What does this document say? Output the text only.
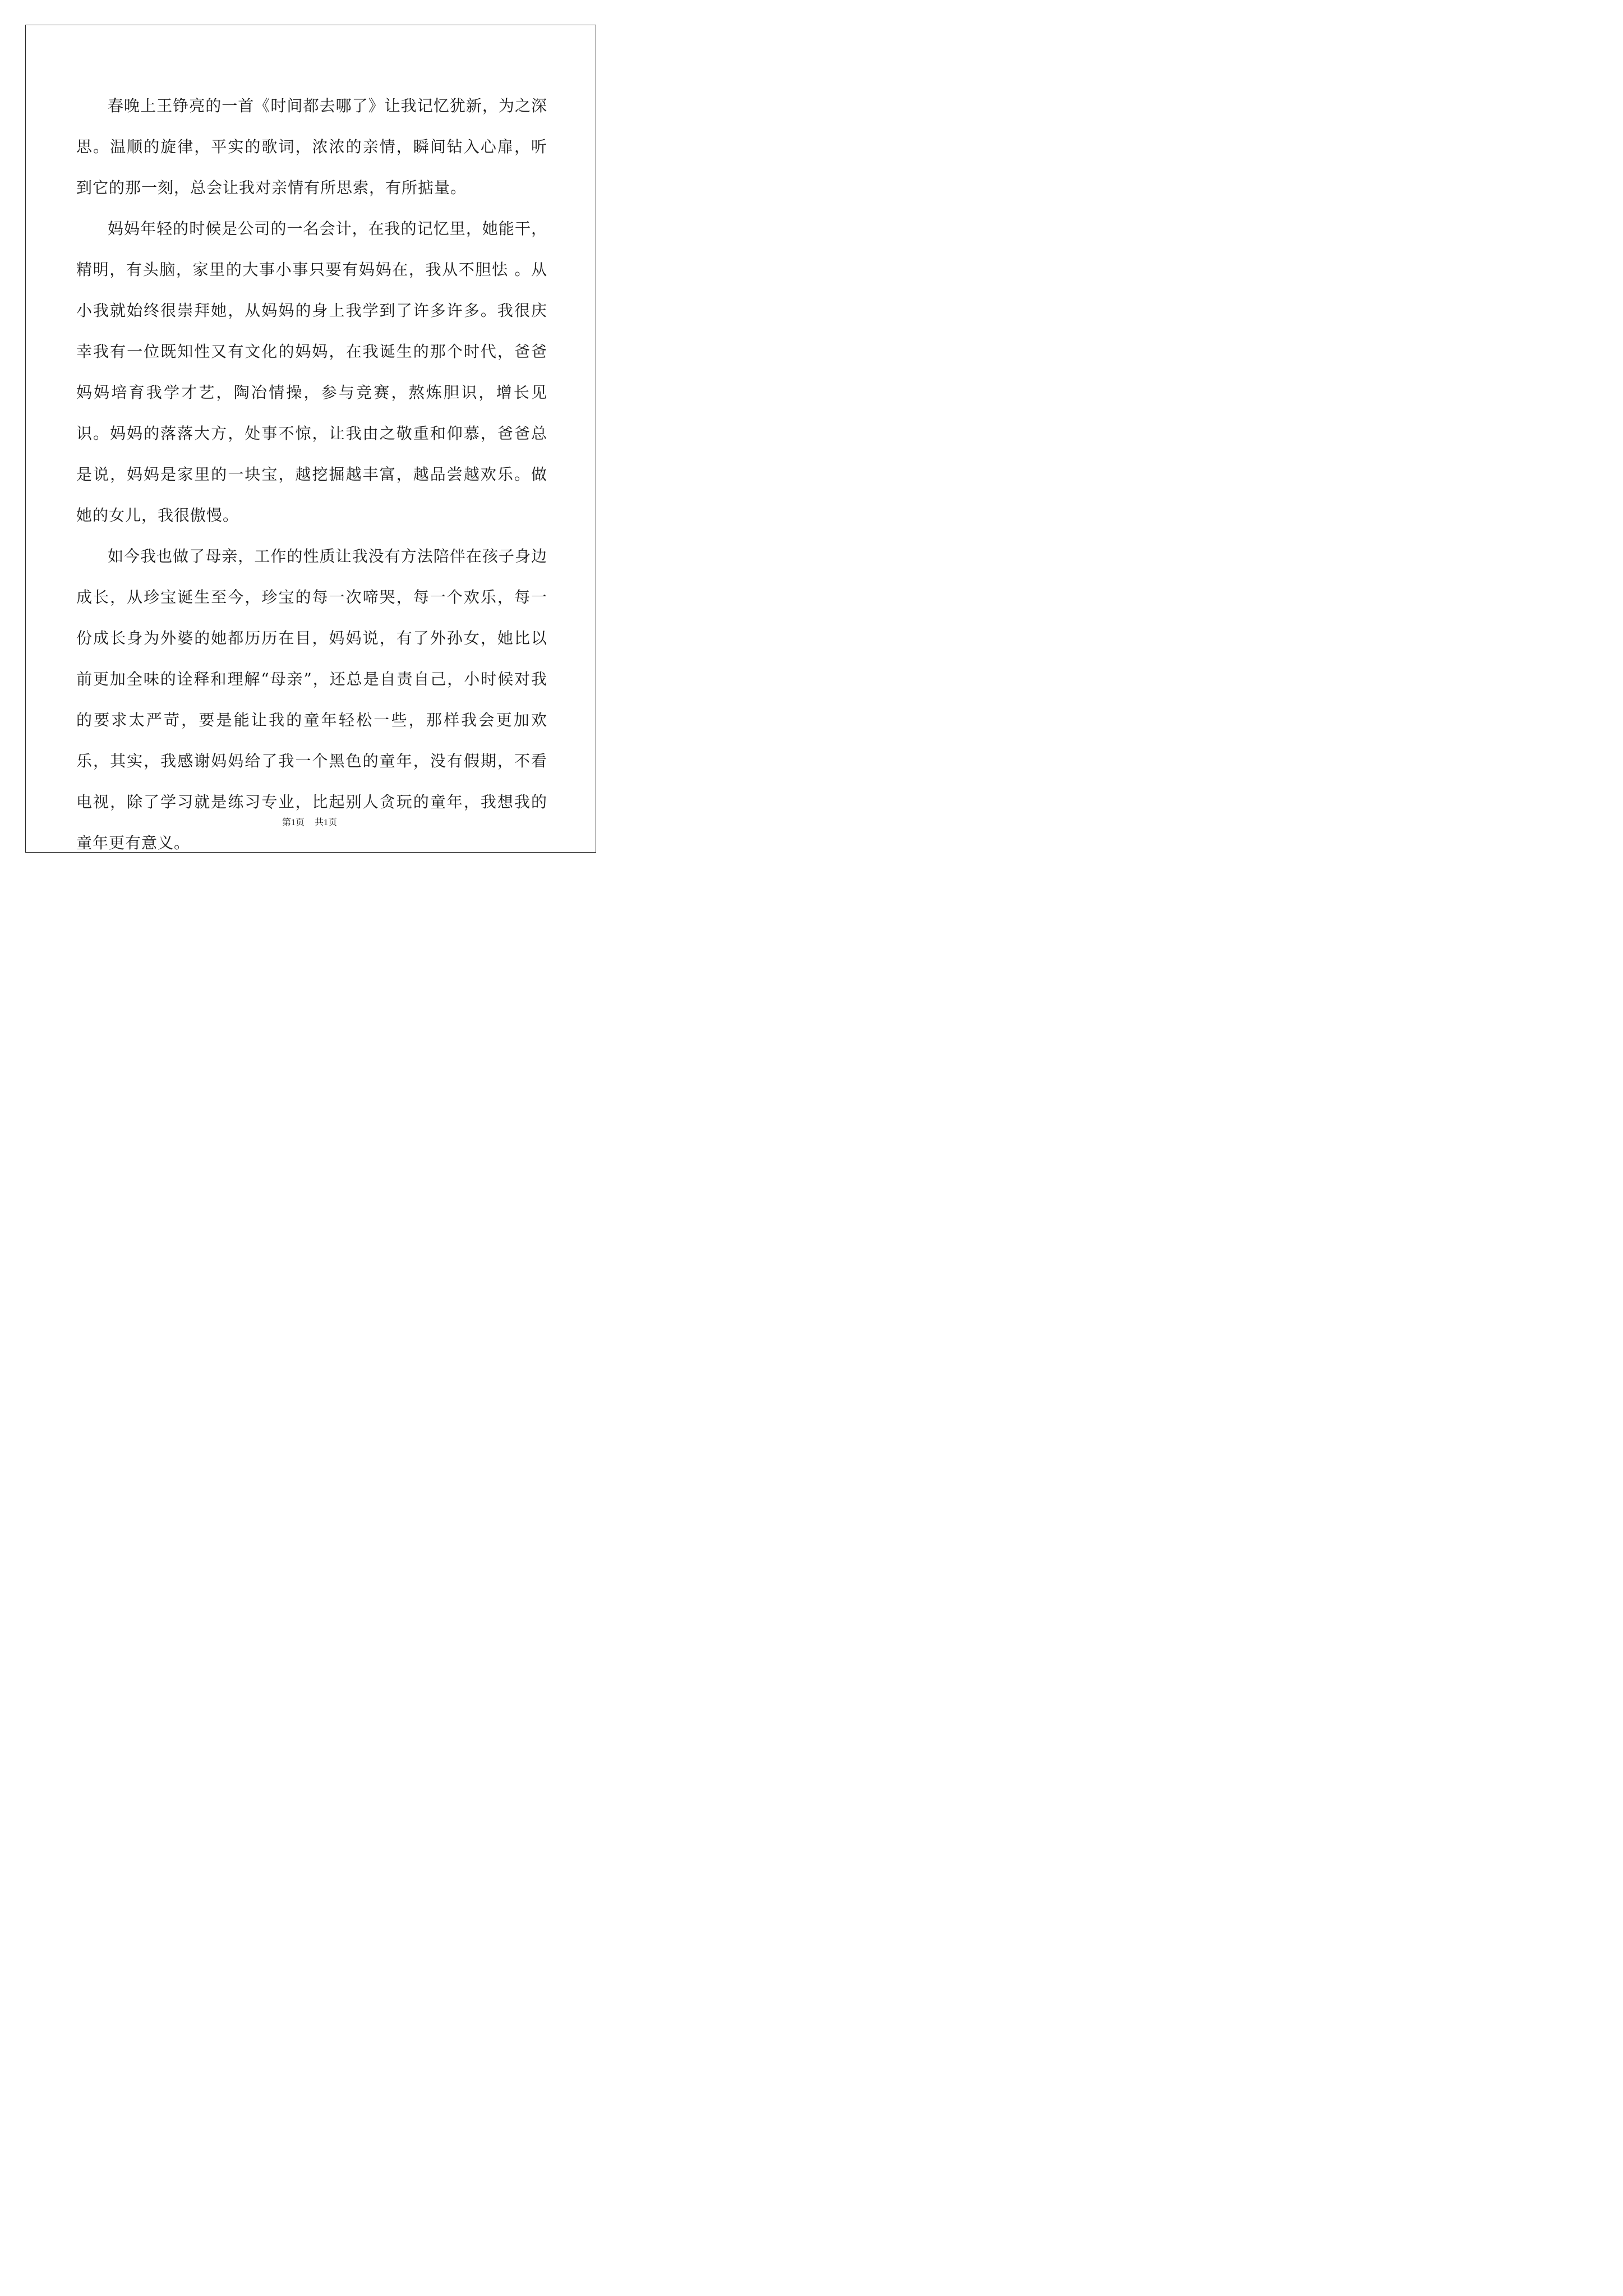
春晚上王铮亮的一首《时间都去哪了》让我记忆犹新，为之深思。温顺的旋律，平实的歌词，浓浓的亲情，瞬间钻入心扉，听到它的那一刻，总会让我对亲情有所思索，有所掂量。

妈妈年轻的时候是公司的一名会计，在我的记忆里，她能干，精明，有头脑，家里的大事小事只要有妈妈在，我从不胆怯 。从小我就始终很崇拜她，从妈妈的身上我学到了许多许多。我很庆幸我有一位既知性又有文化的妈妈，在我诞生的那个时代，爸爸妈妈培育我学才艺，陶冶情操，参与竞赛，熬炼胆识，增长见识。妈妈的落落大方，处事不惊，让我由之敬重和仰慕，爸爸总是说，妈妈是家里的一块宝，越挖掘越丰富，越品尝越欢乐。做她的女儿，我很傲慢。

如今我也做了母亲，工作的性质让我没有方法陪伴在孩子身边成长，从珍宝诞生至今，珍宝的每一次啼哭，每一个欢乐，每一份成长身为外婆的她都历历在目，妈妈说，有了外孙女，她比以前更加全味的诠释和理解“母亲”，还总是自责自己，小时候对我的要求太严苛，要是能让我的童年轻松一些，那样我会更加欢乐，其实，我感谢妈妈给了我一个黑色的童年，没有假期，不看电视，除了学习就是练习专业，比起别人贪玩的童年，我想我的童年更有意义。

第1页 共1页
